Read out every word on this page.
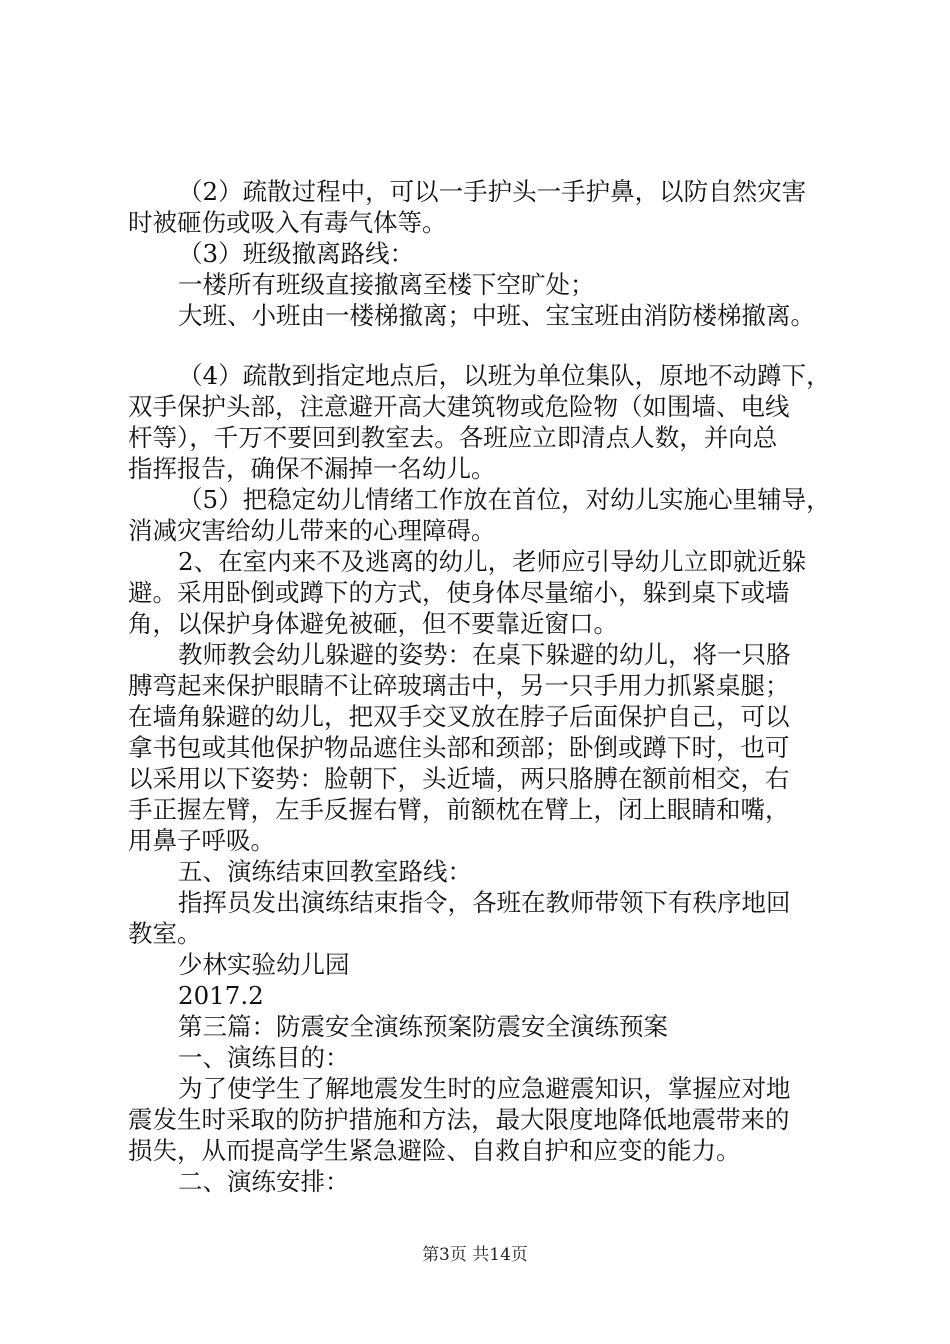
（2）疏散过程中，可以一手护头一手护鼻，以防自然灾害
时被砸伤或吸入有毒气体等。
（3）班级撤离路线：
一楼所有班级直接撤离至楼下空旷处；
大班、小班由一楼梯撤离；中班、宝宝班由消防楼梯撤离。
（4）疏散到指定地点后，以班为单位集队，原地不动蹲下，
双手保护头部，注意避开高大建筑物或危险物（如围墙、电线
杆等），千万不要回到教室去。各班应立即清点人数，并向总
指挥报告，确保不漏掉一名幼儿。
（5）把稳定幼儿情绪工作放在首位，对幼儿实施心里辅导，
消减灾害给幼儿带来的心理障碍。
2、在室内来不及逃离的幼儿，老师应引导幼儿立即就近躲
避。采用卧倒或蹲下的方式，使身体尽量缩小，躲到桌下或墙
角，以保护身体避免被砸，但不要靠近窗口。
教师教会幼儿躲避的姿势：在桌下躲避的幼儿，将一只胳
膊弯起来保护眼睛不让碎玻璃击中，另一只手用力抓紧桌腿；
在墙角躲避的幼儿，把双手交叉放在脖子后面保护自己，可以
拿书包或其他保护物品遮住头部和颈部；卧倒或蹲下时，也可
以采用以下姿势：脸朝下，头近墙，两只胳膊在额前相交，右
手正握左臂，左手反握右臂，前额枕在臂上，闭上眼睛和嘴，
用鼻子呼吸。
五、演练结束回教室路线：
指挥员发出演练结束指令，各班在教师带领下有秩序地回
教室。
少林实验幼儿园
2017.2
第三篇：防震安全演练预案防震安全演练预案
一、演练目的：
为了使学生了解地震发生时的应急避震知识，掌握应对地
震发生时采取的防护措施和方法，最大限度地降低地震带来的
损失，从而提高学生紧急避险、自救自护和应变的能力。
二、演练安排：
第3页 共14页
